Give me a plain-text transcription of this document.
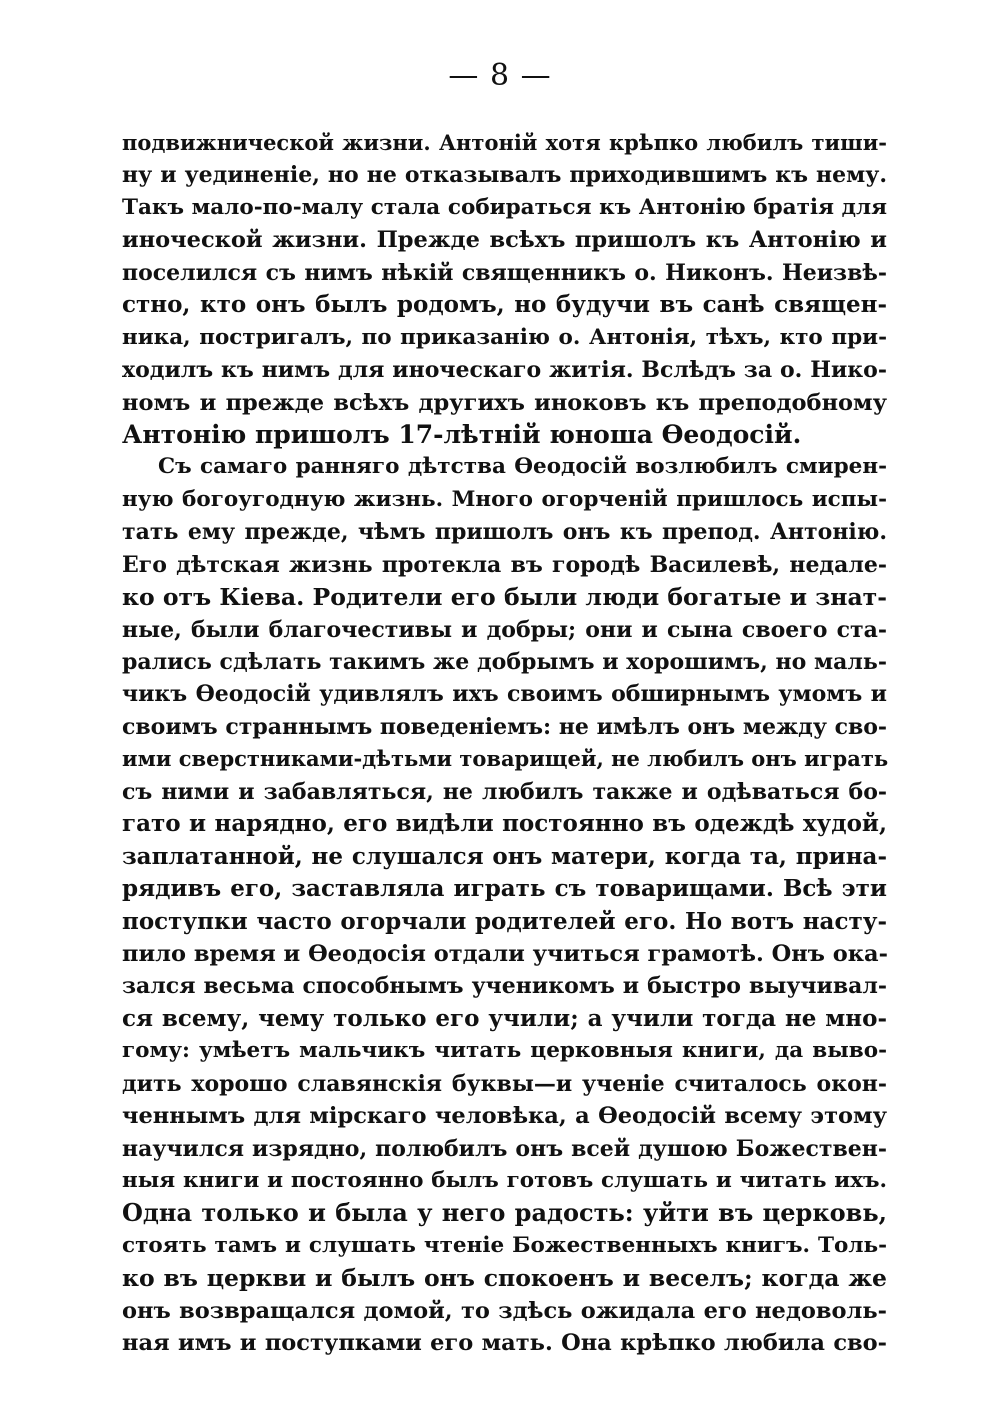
— 8 —
подвижнической жизни. Антоній хотя крѣпко любилъ тиши-
ну и уединеніе, но не отказывалъ приходившимъ къ нему.
Такъ мало-по-малу стала собираться къ Антонію братія для
иноческой жизни. Прежде всѣхъ пришолъ къ Антонію и
поселился съ нимъ нѣкій священникъ о. Никонъ. Неизвѣ-
стно, кто онъ былъ родомъ, но будучи въ санѣ священ-
ника, постригалъ, по приказанію о. Антонія, тѣхъ, кто при-
ходилъ къ нимъ для иноческаго житія. Вслѣдъ за о. Нико-
номъ и прежде всѣхъ другихъ иноковъ къ преподобному
Антонію пришолъ 17-лѣтній юноша Ѳеодосій.
Съ самаго ранняго дѣтства Ѳеодосій возлюбилъ смирен-
ную богоугодную жизнь. Много огорченій пришлось испы-
тать ему прежде, чѣмъ пришолъ онъ къ препод. Антонію.
Его дѣтская жизнь протекла въ городѣ Василевѣ, недале-
ко отъ Кіева. Родители его были люди богатые и знат-
ные, были благочестивы и добры; они и сына своего ста-
рались сдѣлать такимъ же добрымъ и хорошимъ, но маль-
чикъ Ѳеодосій удивлялъ ихъ своимъ обширнымъ умомъ и
своимъ страннымъ поведеніемъ: не имѣлъ онъ между сво-
ими сверстниками-дѣтьми товарищей, не любилъ онъ играть
съ ними и забавляться, не любилъ также и одѣваться бо-
гато и нарядно, его видѣли постоянно въ одеждѣ худой,
заплатанной, не слушался онъ матери, когда та, прина-
рядивъ его, заставляла играть съ товарищами. Всѣ эти
поступки часто огорчали родителей его. Но вотъ насту-
пило время и Ѳеодосія отдали учиться грамотѣ. Онъ ока-
зался весьма способнымъ ученикомъ и быстро выучивал-
ся всему, чему только его учили; а учили тогда не мно-
гому: умѣетъ мальчикъ читать церковныя книги, да выво-
дить хорошо славянскія буквы—и ученіе считалось окон-
ченнымъ для мірскаго человѣка, а Ѳеодосій всему этому
научился изрядно, полюбилъ онъ всей душою Божествен-
ныя книги и постоянно былъ готовъ слушать и читать ихъ.
Одна только и была у него радость: уйти въ церковь,
стоять тамъ и слушать чтеніе Божественныхъ книгъ. Толь-
ко въ церкви и былъ онъ спокоенъ и веселъ; когда же
онъ возвращался домой, то здѣсь ожидала его недоволь-
ная имъ и поступками его мать. Она крѣпко любила сво-
